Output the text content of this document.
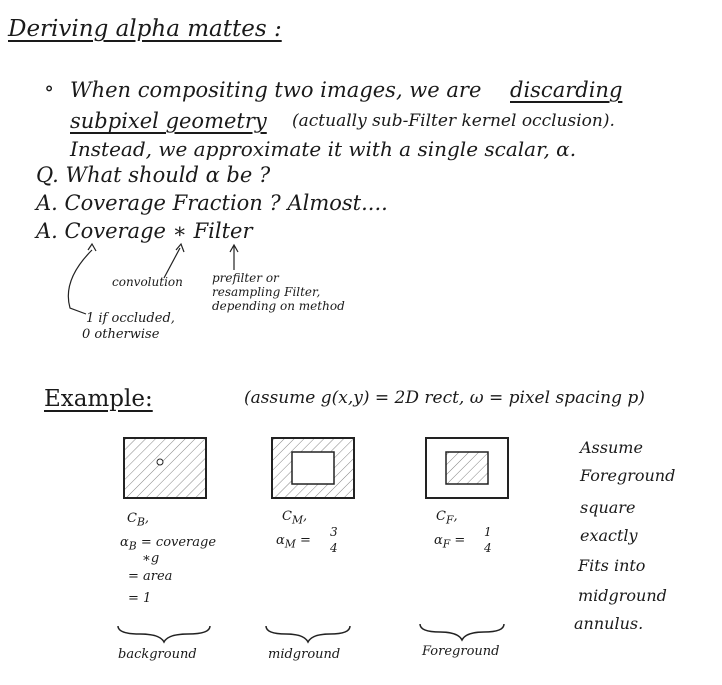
Deriving alpha mattes :
∘ When compositing two images, we are discarding
subpixel geometry (actually sub-Filter kernel occlusion).
Instead, we approximate it with a single scalar, α.
Q. What should α be ?
A. Coverage Fraction ? Almost....
A. Coverage ∗ Filter
convolution prefilter or
resampling Filter,
depending on method
1 if occluded,
0 otherwise
Example:	(assume g(x,y) = 2D rect, ω = pixel spacing p)
$C_B$,
$\alpha_B$ = coverage
∗g
= area
= 1
$C_M$,
$\alpha_M$ =
3
4
$C_F$,
$\alpha_F$ =
1
4
Assume
Foreground
square
exactly
Fits into
midground
annulus.
background	midground	Foreground
